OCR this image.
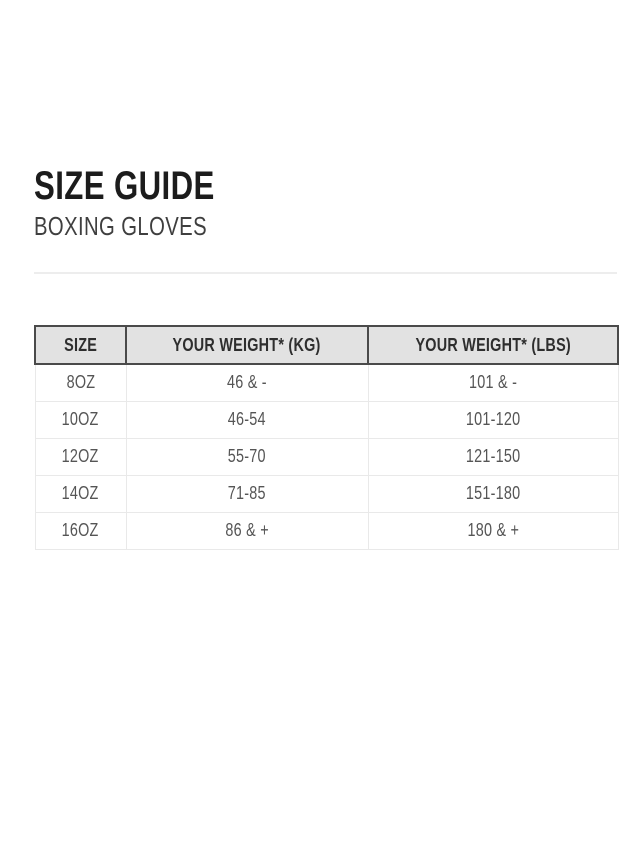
SIZE GUIDE
BOXING GLOVES
SIZE	YOUR WEIGHT* (KG)	YOUR WEIGHT* (LBS)
8OZ	46 & -	101 & -
10OZ	46-54	101-120
12OZ	55-70	121-150
14OZ	71-85	151-180
16OZ	86 & +	180 & +
